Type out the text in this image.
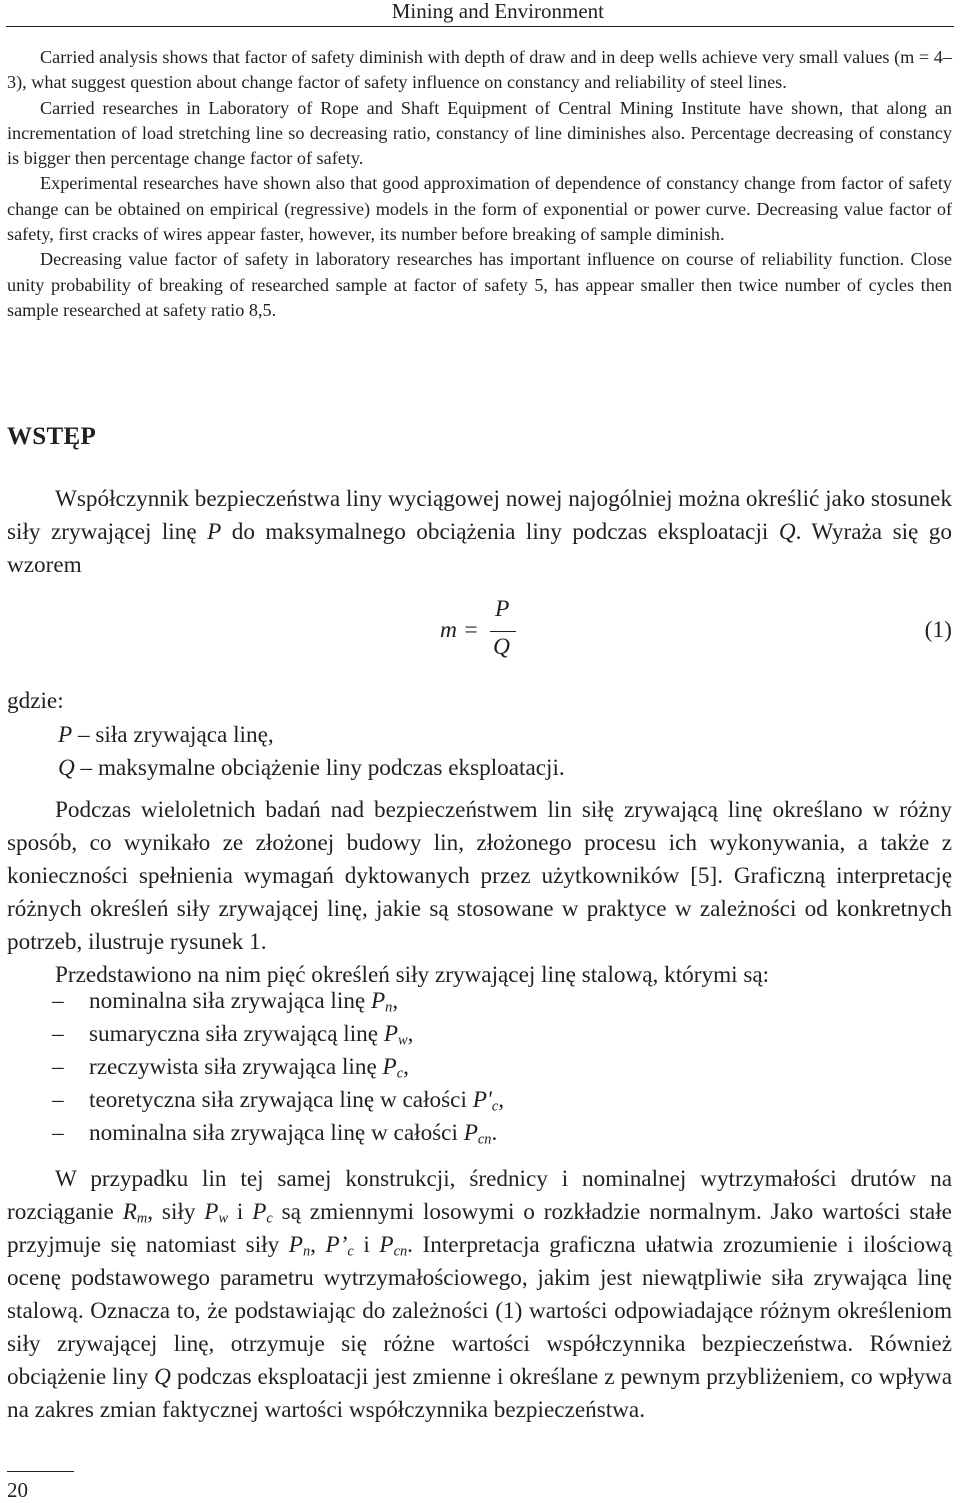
Mining and Environment

Carried analysis shows that factor of safety diminish with depth of draw and in deep wells achieve very small values (m = 4–3), what suggest question about change factor of safety influence on constancy and reliability of steel lines.

Carried researches in Laboratory of Rope and Shaft Equipment of Central Mining Institute have shown, that along an incrementation of load stretching line so decreasing ratio, constancy of line diminishes also. Percentage decreasing of constancy is bigger then percentage change factor of safety.

Experimental researches have shown also that good approximation of dependence of constancy change from factor of safety change can be obtained on empirical (regressive) models in the form of exponential or power curve. Decreasing value factor of safety, first cracks of wires appear faster, however, its number before breaking of sample diminish.

Decreasing value factor of safety in laboratory researches has important influence on course of reliability function. Close unity probability of breaking of researched sample at factor of safety 5, has appear smaller then twice number of cycles then sample researched at safety ratio 8,5.

WSTĘP

Współczynnik bezpieczeństwa liny wyciągowej nowej najogólniej można określić jako stosunek siły zrywającej linę P do maksymalnego obciążenia liny podczas eksploatacji Q. Wyraża się go wzorem

m =
P
Q
(1)
gdzie:
P – siła zrywająca linę,
Q – maksymalne obciążenie liny podczas eksploatacji.

Podczas wieloletnich badań nad bezpieczeństwem lin siłę zrywającą linę określano w różny sposób, co wynikało ze złożonej budowy lin, złożonego procesu ich wykonywania, a także z konieczności spełnienia wymagań dyktowanych przez użytkowników [5]. Graficzną interpretację różnych określeń siły zrywającej linę, jakie są stosowane w praktyce w zależności od konkretnych potrzeb, ilustruje rysunek 1.

Przedstawiono na nim pięć określeń siły zrywającej linę stalową, którymi są:

– nominalna siła zrywająca linę $P_n$,
– sumaryczna siła zrywającą linę $P_w$,
– rzeczywista siła zrywająca linę $P_c$,
– teoretyczna siła zrywająca linę w całości $P'_c$,
– nominalna siła zrywająca linę w całości $P_{cn}$.

W przypadku lin tej samej konstrukcji, średnicy i nominalnej wytrzymałości drutów na rozciąganie $R_m$, siły $P_w$ i $P_c$ są zmiennymi losowymi o rozkładzie normalnym. Jako wartości stałe przyjmuje się natomiast siły $P_n$, $P’_c$ i $P_{cn}$. Interpretacja graficzna ułatwia zrozumienie i ilościową ocenę podstawowego parametru wytrzymałościowego, jakim jest niewątpliwie siła zrywająca linę stalową. Oznacza to, że podstawiając do zależności (1) wartości odpowiadające różnym określeniom siły zrywającej linę, otrzymuje się różne wartości współczynnika bezpieczeństwa. Również obciążenie liny Q podczas eksploatacji jest zmienne i określane z pewnym przybliżeniem, co wpływa na zakres zmian faktycznej wartości współczynnika bezpieczeństwa.

20
